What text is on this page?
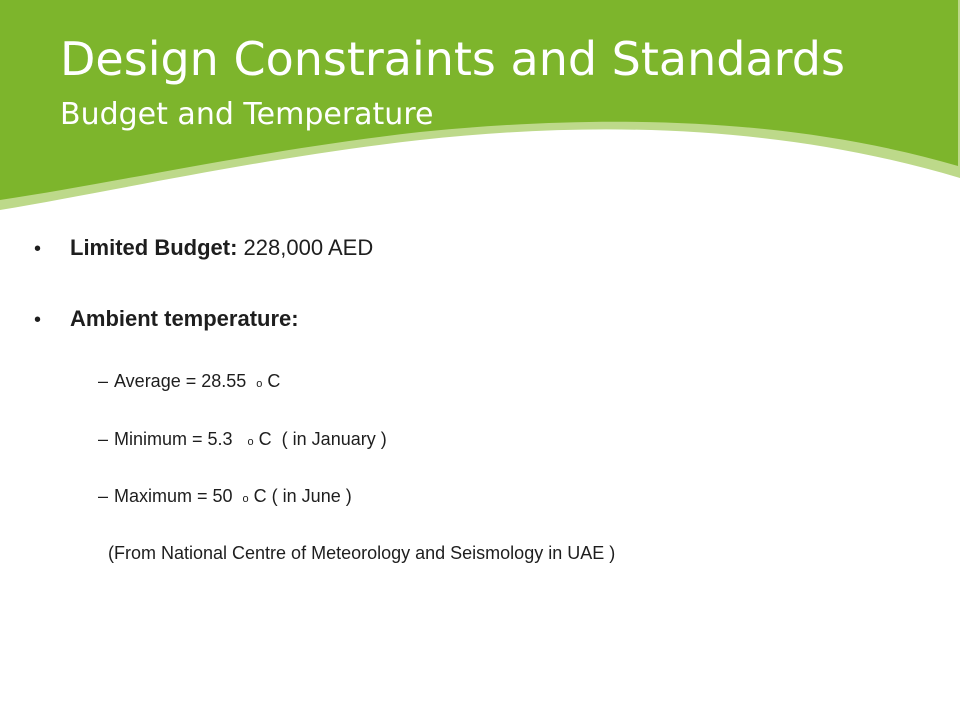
Design Constraints and Standards
Budget and Temperature
•	Limited Budget: 228,000 AED
•	Ambient temperature:
– Average = 28.55 o C
– Minimum = 5.3 o C  ( in January )
– Maximum = 50 o C ( in June )
(From National Centre of Meteorology and Seismology in UAE )
